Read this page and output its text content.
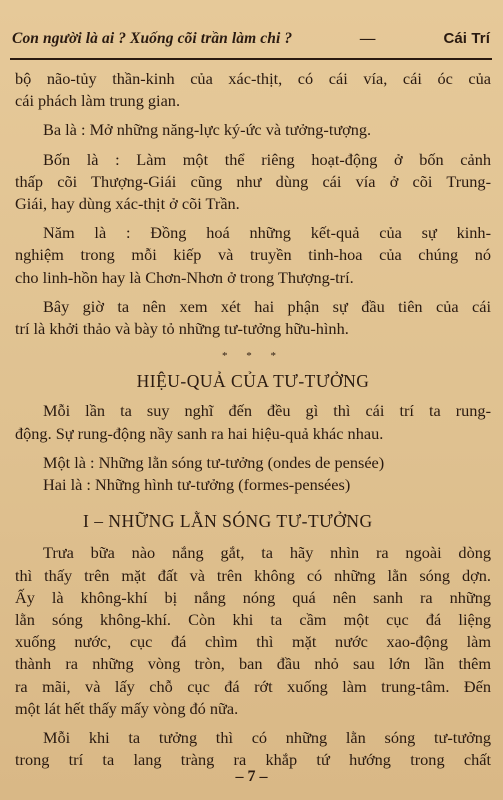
Con người là ai ? Xuống cõi trần làm chi ?	—	Cái Trí

bộ não-tủy thần-kinh của xác-thịt, có cái vía, cái óc của
cái phách làm trung gian.

Ba là : Mở những năng-lực ký-ức và tưởng-tượng.

Bốn là : Làm một thể riêng hoạt-động ở bốn cảnh
thấp cõi Thượng-Giái cũng như dùng cái vía ở cõi Trung-
Giái, hay dùng xác-thịt ở cõi Trần.

Năm là : Đồng hoá những kết-quả của sự kinh-
nghiệm trong mỗi kiếp và truyền tinh-hoa của chúng nó
cho linh-hồn hay là Chơn-Nhơn ở trong Thượng-trí.

Bây giờ ta nên xem xét hai phận sự đầu tiên của cái
trí là khởi thảo và bày tỏ những tư-tưởng hữu-hình.

* * *
HIỆU-QUẢ CỦA TƯ-TƯỞNG

Mỗi lần ta suy nghĩ đến đều gì thì cái trí ta rung-
động. Sự rung-động nầy sanh ra hai hiệu-quả khác nhau.

Một là : Những lằn sóng tư-tưởng (ondes de pensée)

Hai là : Những hình tư-tưởng (formes-pensées)

I – NHỮNG LẰN SÓNG TƯ-TƯỞNG

Trưa bữa nào nắng gắt, ta hãy nhìn ra ngoài dòng
thì thấy trên mặt đất và trên không có những lằn sóng dợn.
Ấy là không-khí bị nắng nóng quá nên sanh ra những
lằn sóng không-khí. Còn khi ta cầm một cục đá liệng
xuống nước, cục đá chìm thì mặt nước xao-động làm
thành ra những vòng tròn, ban đầu nhỏ sau lớn lần thêm
ra mãi, và lấy chỗ cục đá rớt xuống làm trung-tâm. Đến
một lát hết thấy mấy vòng đó nữa.

Mỗi khi ta tưởng thì có những lằn sóng tư-tưởng
trong trí ta lang tràng ra khắp tứ hướng trong chất

– 7 –
